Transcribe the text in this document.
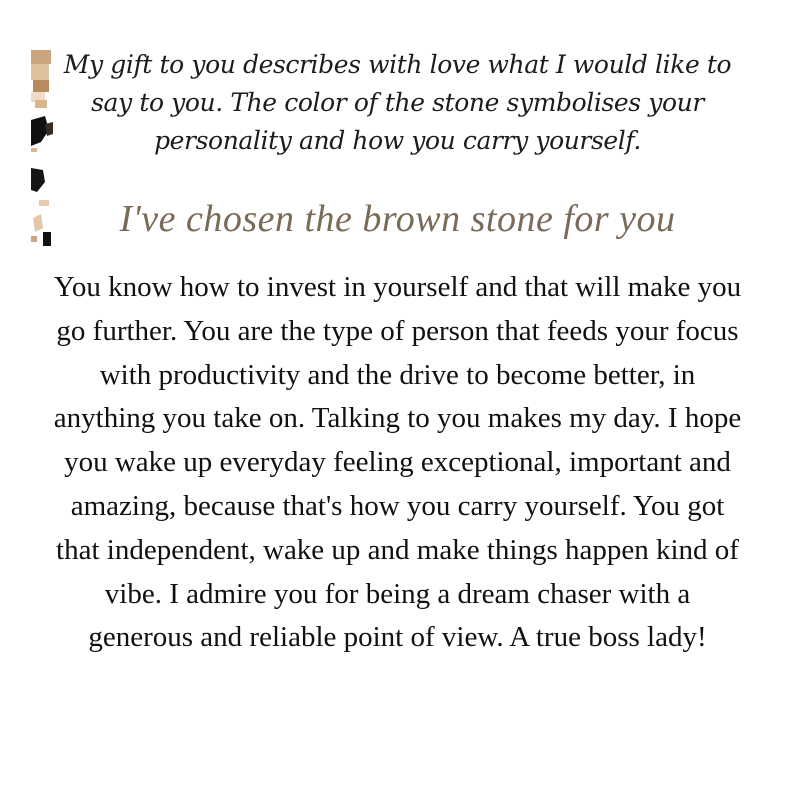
My gift to you describes with love what I would like to say to you. The color of the stone symbolises your personality and how you carry yourself.

I've chosen the brown stone for you

You know how to invest in yourself and that will make you go further. You are the type of person that feeds your focus with productivity and the drive to become better, in anything you take on. Talking to you makes my day. I hope you wake up everyday feeling exceptional, important and amazing, because that's how you carry yourself. You got that independent, wake up and make things happen kind of vibe. I admire you for being a dream chaser with a generous and reliable point of view. A true boss lady!
